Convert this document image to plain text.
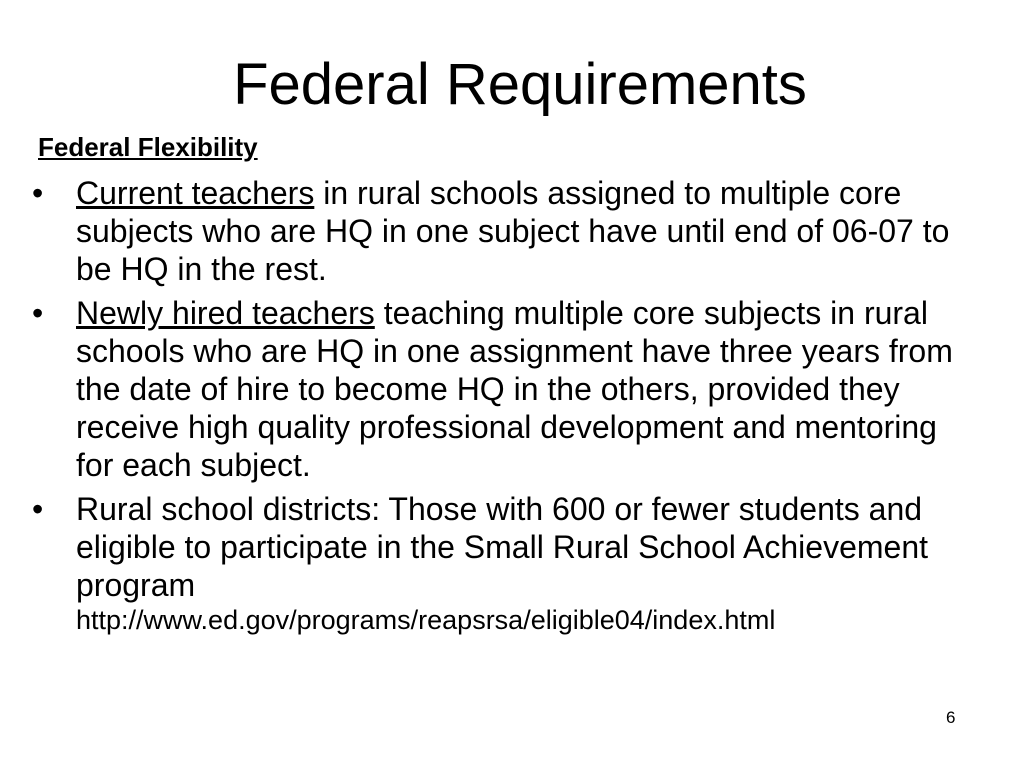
Federal Requirements
Federal Flexibility
•	Current teachers in rural schools assigned to multiple core subjects who are HQ in one subject have until end of 06-07 to be HQ in the rest.
•	Newly hired teachers teaching multiple core subjects in rural schools who are HQ in one assignment have three years from the date of hire to become HQ in the others, provided they receive high quality professional development and mentoring for each subject.
•	Rural school districts: Those with 600 or fewer students and eligible to participate in the Small Rural School Achievement program
http://www.ed.gov/programs/reapsrsa/eligible04/index.html
6
